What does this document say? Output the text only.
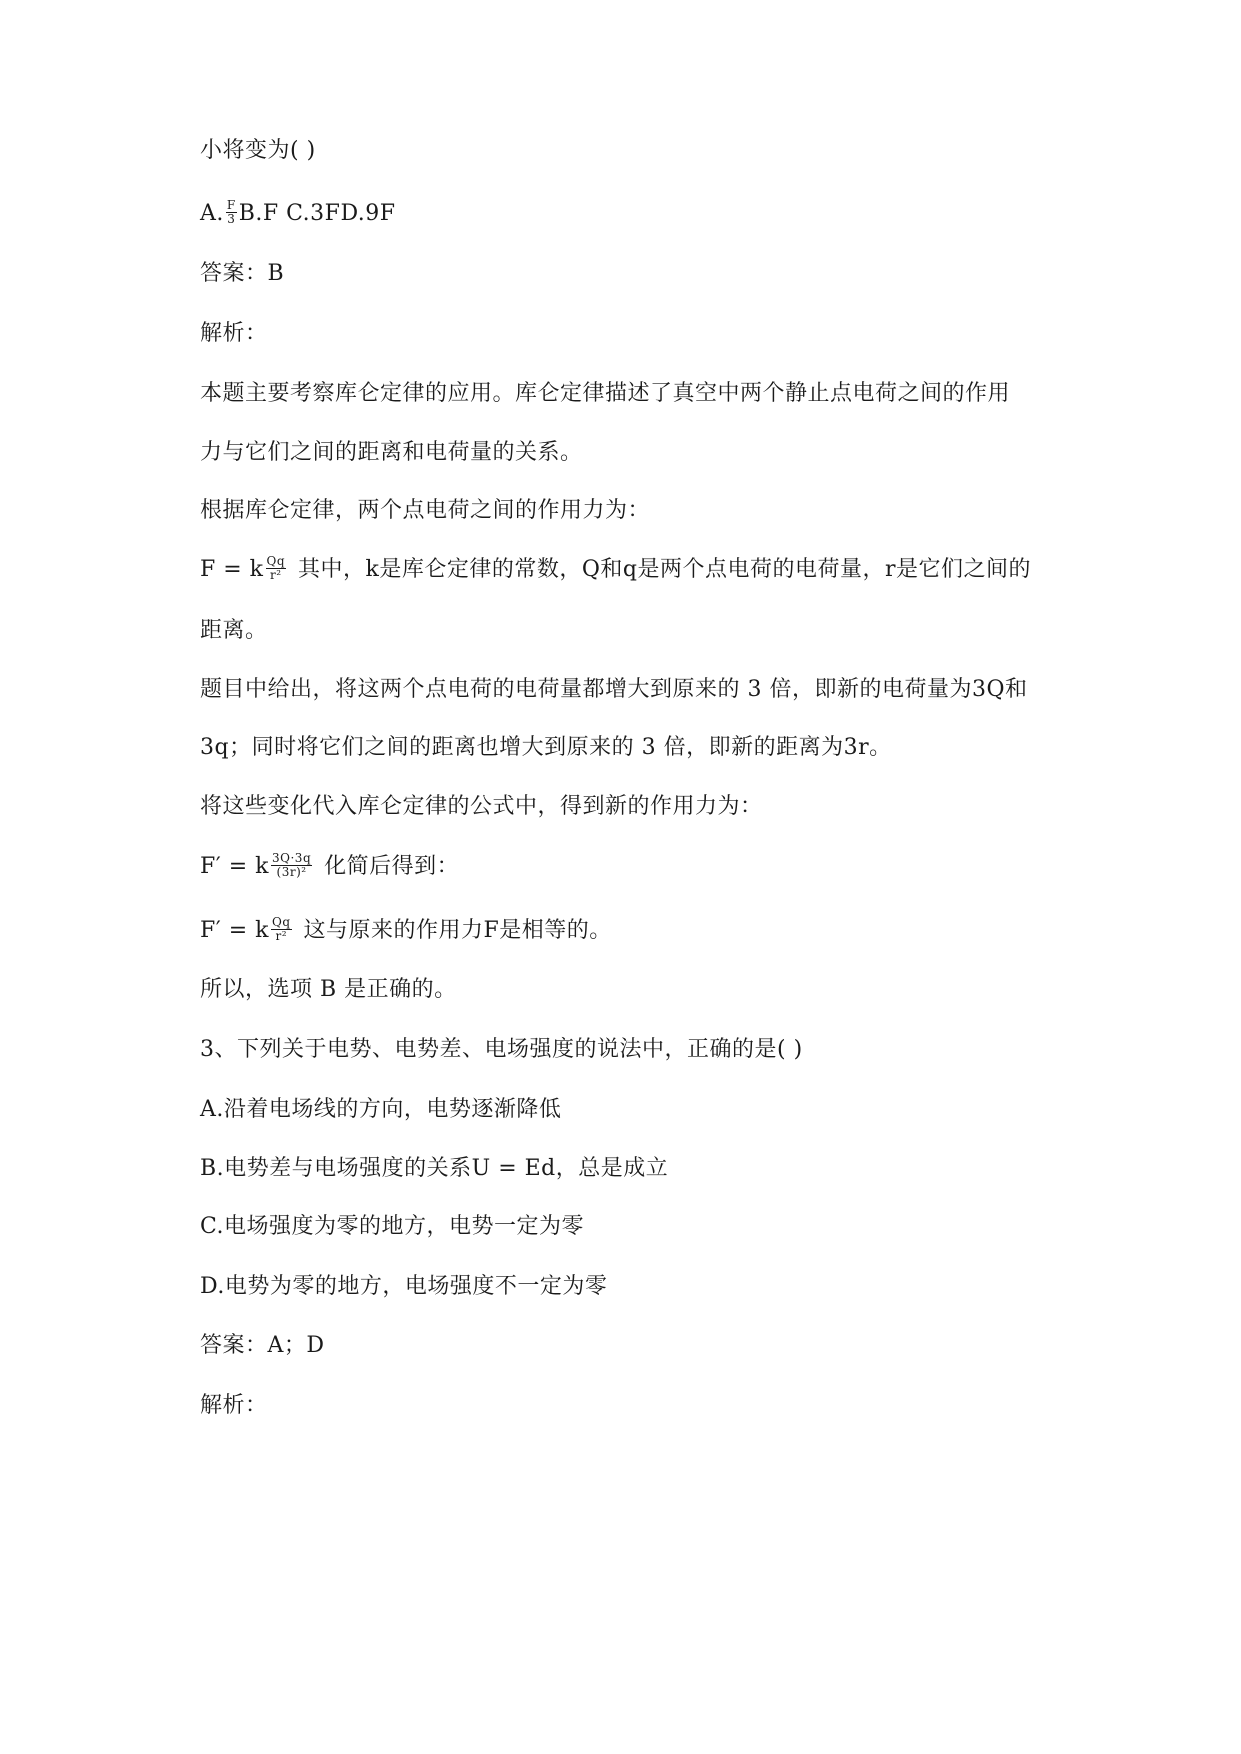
小将变为( )
A. $\frac{F}{3} B.F$ C.3FD.9F
答案：B
解析：
本题主要考察库仑定律的应用。库仑定律描述了真空中两个静止点电荷之间的作用
力与它们之间的距离和电荷量的关系。
根据库仑定律，两个点电荷之间的作用力为：
F = k $\frac{Qq}{\text{r²}}$ 其中，k是库仑定律的常数，Q和q是两个点电荷的电荷量，r是它们之间的
距离。
题目中给出，将这两个点电荷的电荷量都增大到原来的 3 倍，即新的电荷量为3Q和
3q；同时将它们之间的距离也增大到原来的 3 倍，即新的距离为3r。
将这些变化代入库仑定律的公式中，得到新的作用力为：
F′ = k $\frac{3Q\cdot 3q}{\text{(3r)²}}$ 化简后得到：
F′ = k $\frac{Qq}{\text{r²}}$ 这与原来的作用力F是相等的。
所以，选项 B 是正确的。
3、下列关于电势、电势差、电场强度的说法中，正确的是( )
A.沿着电场线的方向，电势逐渐降低
B.电势差与电场强度的关系U = Ed，总是成立
C.电场强度为零的地方，电势一定为零
D.电势为零的地方，电场强度不一定为零
答案：A；D
解析：
